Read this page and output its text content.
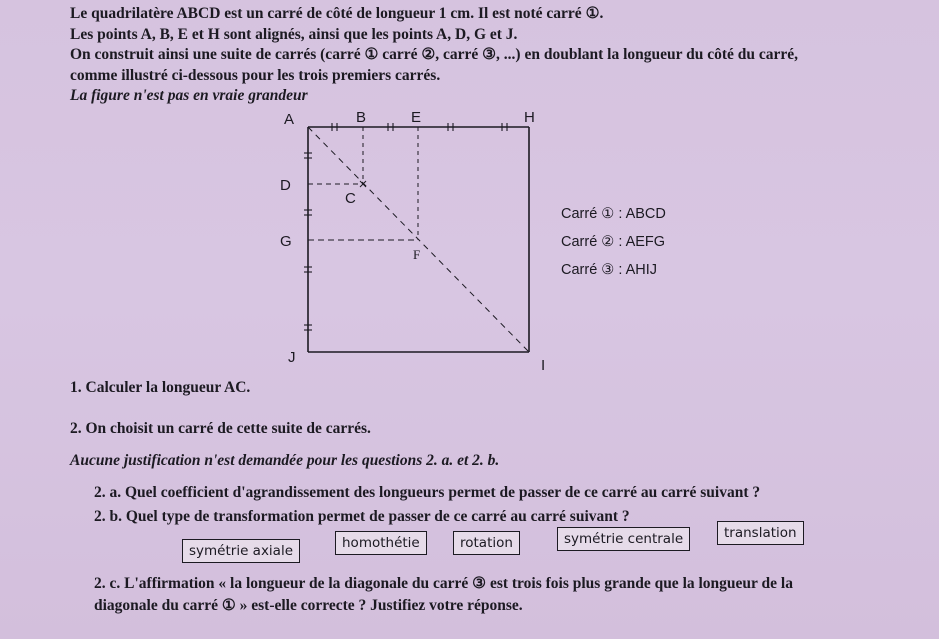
Le quadrilatère ABCD est un carré de côté de longueur 1 cm. Il est noté carré ①.

Les points A, B, E et H sont alignés, ainsi que les points A, D, G et J.

On construit ainsi une suite de carrés (carré ① carré ②, carré ③, ...) en doublant la longueur du côté du carré,

comme illustré ci-dessous pour les trois premiers carrés.

La figure n'est pas en vraie grandeur

A	B	E	H
D
C
G
F
J	I
Carré ① : ABCD
Carré ② : AEFG
Carré ③ : AHIJ
1. Calculer la longueur AC.
2. On choisit un carré de cette suite de carrés.
Aucune justification n'est demandée pour les questions 2. a. et 2. b.
2. a. Quel coefficient d'agrandissement des longueurs permet de passer de ce carré au carré suivant ?
2. b. Quel type de transformation permet de passer de ce carré au carré suivant ?
symétrie axiale	homothétie	rotation	symétrie centrale	translation
2. c. L'affirmation « la longueur de la diagonale du carré ③ est trois fois plus grande que la longueur de la
diagonale du carré ① » est-elle correcte ? Justifiez votre réponse.
